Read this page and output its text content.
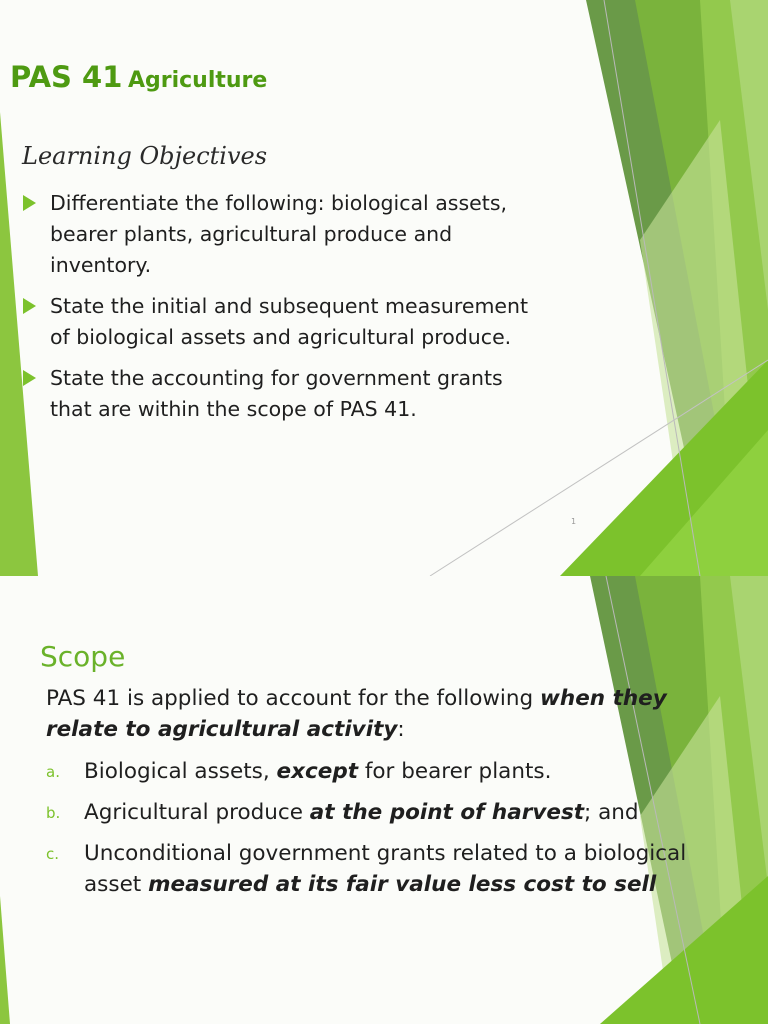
PAS 41 Agriculture
Learning Objectives
Differentiate the following: biological assets,
bearer plants, agricultural produce and
inventory.
State the initial and subsequent measurement
of biological assets and agricultural produce.
State the accounting for government grants
that are within the scope of PAS 41.
1
Scope
PAS 41 is applied to account for the following when they
relate to agricultural activity:
a. Biological assets, except for bearer plants.
b. Agricultural produce at the point of harvest; and
c. Unconditional government grants related to a biological asset measured at its fair value less cost to sell
